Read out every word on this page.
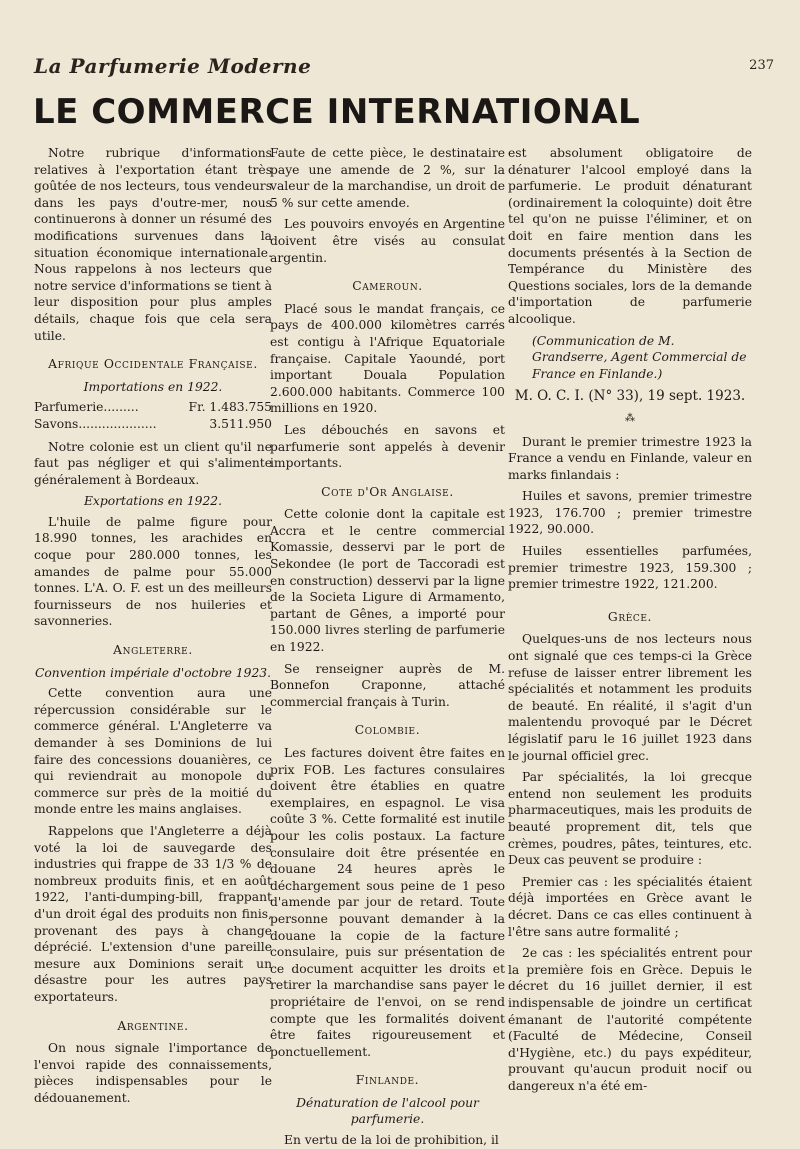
La Parfumerie Moderne	237
LE COMMERCE INTERNATIONAL

Notre rubrique d'informations relatives à l'exportation étant très goûtée de nos lecteurs, tous vendeurs dans les pays d'outre-mer, nous continuerons à donner un résumé des modifications survenues dans la situation économique internationale. Nous rappelons à nos lecteurs que notre service d'informations se tient à leur disposition pour plus amples détails, chaque fois que cela sera utile.

Afrique Occidentale Française.
Importations en 1922.
Parfumerie.........	Fr. 1.483.755
Savons....................	3.511.950

Notre colonie est un client qu'il ne faut pas négliger et qui s'alimente généralement à Bordeaux.

Exportations en 1922.

L'huile de palme figure pour 18.990 tonnes, les arachides en coque pour 280.000 tonnes, les amandes de palme pour 55.000 tonnes. L'A. O. F. est un des meilleurs fournisseurs de nos huileries et savonneries.

Angleterre.
Convention impériale d'octobre 1923.

Cette convention aura une répercussion considérable sur le commerce général. L'Angleterre va demander à ses Dominions de lui faire des concessions douanières, ce qui reviendrait au monopole du commerce sur près de la moitié du monde entre les mains anglaises.

Rappelons que l'Angleterre a déjà voté la loi de sauvegarde des industries qui frappe de 33 1/3 % de nombreux produits finis, et en août 1922, l'anti-dumping-bill, frappant d'un droit égal des produits non finis, provenant des pays à change déprécié. L'extension d'une pareille mesure aux Dominions serait un désastre pour les autres pays exportateurs.

Argentine.

On nous signale l'importance de l'envoi rapide des connaissements, pièces indispensables pour le dédouanement.

Faute de cette pièce, le destinataire paye une amende de 2 %, sur la valeur de la marchandise, un droit de 5 % sur cette amende.

Les pouvoirs envoyés en Argentine doivent être visés au consulat argentin.

Cameroun.

Placé sous le mandat français, ce pays de 400.000 kilomètres carrés est contigu à l'Afrique Equatoriale française. Capitale Yaoundé, port important Douala Population 2.600.000 habitants. Commerce 100 millions en 1920.

Les débouchés en savons et parfumerie sont appelés à devenir importants.

Cote d'Or Anglaise.

Cette colonie dont la capitale est Accra et le centre commercial Komassie, desservi par le port de Sekondee (le port de Taccoradi est en construction) desservi par la ligne de la Societa Ligure di Armamento, partant de Gênes, a importé pour 150.000 livres sterling de parfumerie en 1922.

Se renseigner auprès de M. Bonnefon Craponne, attaché commercial français à Turin.

Colombie.

Les factures doivent être faites en prix FOB. Les factures consulaires doivent être établies en quatre exemplaires, en espagnol. Le visa coûte 3 %. Cette formalité est inutile pour les colis postaux. La facture consulaire doit être présentée en douane 24 heures après le déchargement sous peine de 1 peso d'amende par jour de retard. Toute personne pouvant demander à la douane la copie de la facture consulaire, puis sur présentation de ce document acquitter les droits et retirer la marchandise sans payer le propriétaire de l'envoi, on se rend compte que les formalités doivent être faites rigoureusement et ponctuellement.

Finlande.
Dénaturation de l'alcool pour parfumerie.

En vertu de la loi de prohibition, il

est absolument obligatoire de dénaturer l'alcool employé dans la parfumerie. Le produit dénaturant (ordinairement la coloquinte) doit être tel qu'on ne puisse l'éliminer, et on doit en faire mention dans les documents présentés à la Section de Tempérance du Ministère des Questions sociales, lors de la demande d'importation de parfumerie alcoolique.

(Communication de M. Grandserre, Agent Commercial de France en Finlande.)
M. O. C. I. (N° 33), 19 sept. 1923.
⁂

Durant le premier trimestre 1923 la France a vendu en Finlande, valeur en marks finlandais :

Huiles et savons, premier trimestre 1923, 176.700 ; premier trimestre 1922, 90.000.

Huiles essentielles parfumées, premier trimestre 1923, 159.300 ; premier trimestre 1922, 121.200.

Grèce.

Quelques-uns de nos lecteurs nous ont signalé que ces temps-ci la Grèce refuse de laisser entrer librement les spécialités et notamment les produits de beauté. En réalité, il s'agit d'un malentendu provoqué par le Décret législatif paru le 16 juillet 1923 dans le journal officiel grec.

Par spécialités, la loi grecque entend non seulement les produits pharmaceutiques, mais les produits de beauté proprement dit, tels que crèmes, poudres, pâtes, teintures, etc. Deux cas peuvent se produire :

Premier cas : les spécialités étaient déjà importées en Grèce avant le décret. Dans ce cas elles continuent à l'être sans autre formalité ;

2e cas : les spécialités entrent pour la première fois en Grèce. Depuis le décret du 16 juillet dernier, il est indispensable de joindre un certificat émanant de l'autorité compétente (Faculté de Médecine, Conseil d'Hygiène, etc.) du pays expéditeur, prouvant qu'aucun produit nocif ou dangereux n'a été em-
